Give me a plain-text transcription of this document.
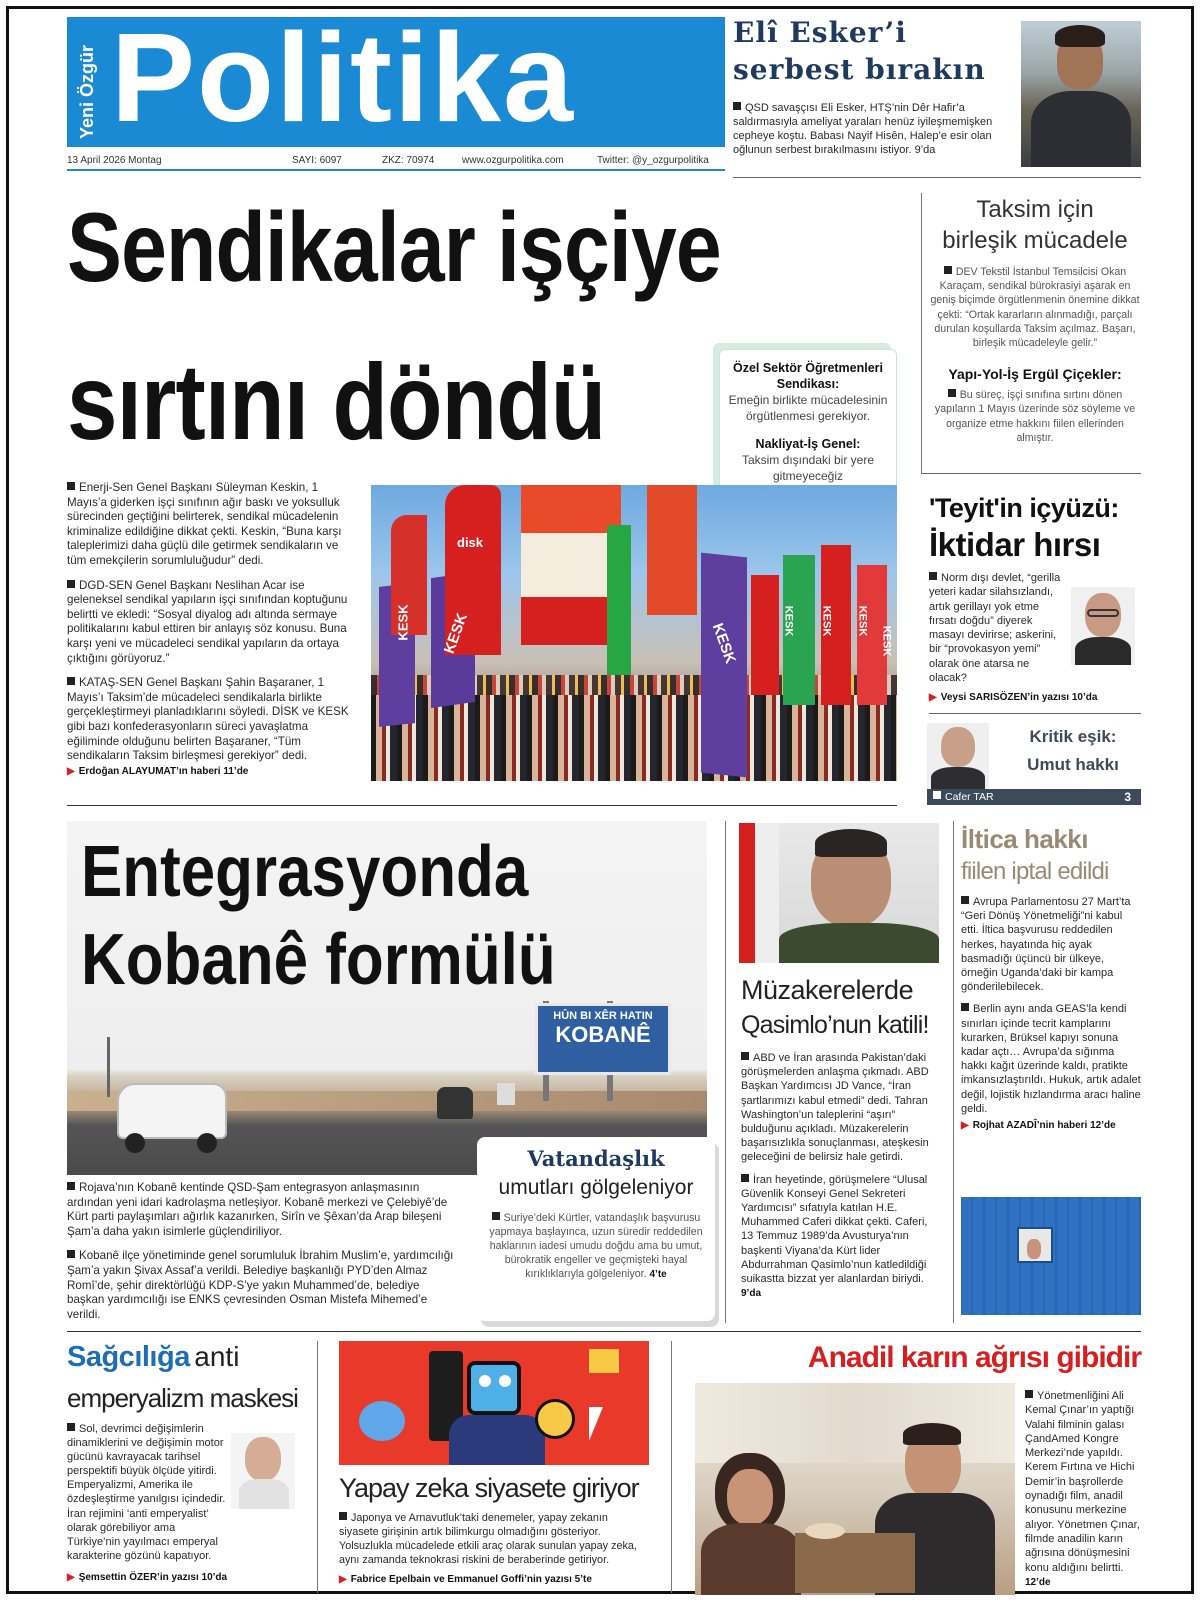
Yeni Özgür Politika
13 April 2026 Montag	SAYI: 6097	ZKZ: 70974	www.ozgurpolitika.com	Twitter: @y_ozgurpolitika
Elî Esker’i
serbest bırakın
QSD savaşçısı Eli Esker, HTŞ’nin Dêr Hafir’a saldırmasıyla ameliyat yaraları henüz iyileşmemişken cepheye koştu. Babası Nayif Hisên, Halep’e esir olan oğlunun serbest bırakılmasını istiyor. 9’da
Sendikalar işçiye
sırtını döndü
Taksim için
birleşik mücadele
DEV Tekstil İstanbul Temsilcisi Okan Karaçam, sendikal bürokrasiyi aşarak en geniş biçimde örgütlenmenin önemine dikkat çekti: “Ortak kararların alınmadığı, parçalı durulan koşullarda Taksim açılmaz. Başarı, birleşik mücadeleyle gelir.”
Yapı-Yol-İş Ergül Çiçekler:
Bu süreç, işçi sınıfına sırtını dönen yapıların 1 Mayıs üzerinde söz söyleme ve organize etme hakkını fiilen ellerinden almıştır.
Özel Sektör Öğretmenleri Sendikası:
Emeğin birlikte mücadelesinin örgütlenmesi gerekiyor.
Nakliyat-İş Genel:
Taksim dışındaki bir yere gitmeyeceğiz

Enerji-Sen Genel Başkanı Süleyman Keskin, 1 Mayıs’a giderken işçi sınıfının ağır baskı ve yoksulluk sürecinden geçtiğini belirterek, sendikal mücadelenin kriminalize edildiğine dikkat çekti. Keskin, “Buna karşı taleplerimizi daha güçlü dile getirmek sendikaların ve tüm emekçilerin sorumluluğudur” dedi.

DGD-SEN Genel Başkanı Neslihan Acar ise geleneksel sendikal yapıların işçi sınıfından koptuğunu belirtti ve ekledi: “Sosyal diyalog adı altında sermaye politikalarını kabul ettiren bir anlayış söz konusu. Buna karşı yeni ve mücadeleci sendikal yapıların da ortaya çıktığını görüyoruz.”

KATAŞ-SEN Genel Başkanı Şahin Başaraner, 1 Mayıs’ı Taksim’de mücadeleci sendikalarla birlikte gerçekleştirmeyi planladıklarını söyledi. DİSK ve KESK gibi bazı konfederasyonların süreci yavaşlatma eğiliminde olduğunu belirten Başaraner, “Tüm sendikaların Taksim birleşmesi gerekiyor” dedi. ▶ Erdoğan ALAYUMAT’ın haberi 11’de

KESK KESK
disk
KESK
KESK KESK KESK
KESK
'Teyit'in içyüzü:
İktidar hırsı
Norm dışı devlet, “gerilla yeteri kadar silahsızlandı, artık gerillayı yok etme fırsatı doğdu” diyerek masayı devirirse; askerini, bir “provokasyon yemi” olarak öne atarsa ne olacak?
▶ Veysi SARISÖZEN’in yazısı 10’da
Kritik eşik:
Umut hakkı
Cafer TAR	3
HÛN BI XÊR HATIN
KOBANÊ
Entegrasyonda
Kobanê formülü

Rojava’nın Kobanê kentinde QSD-Şam entegrasyon anlaşmasının ardından yeni idari kadrolaşma netleşiyor. Kobanê merkezi ve Çelebiyê’de Kürt parti paylaşımları ağırlık kazanırken, Sirîn ve Şêxan’da Arap bileşeni Şam’a daha yakın isimlerle güçlendiriliyor.

Kobanê ilçe yönetiminde genel sorumluluk İbrahim Muslim’e, yardımcılığı Şam’a yakın Şivax Assaf’a verildi. Belediye başkanlığı PYD’den Almaz Romî’de, şehir direktörlüğü KDP-S’ye yakın Muhammed’de, belediye başkan yardımcılığı ise ENKS çevresinden Osman Mistefa Mihemed’e verildi.

Vatandaşlık
umutları gölgeleniyor
Suriye’deki Kürtler, vatandaşlık başvurusu yapmaya başlayınca, uzun süredir reddedilen haklarının iadesi umudu doğdu ama bu umut, bürokratik engeller ve geçmişteki hayal kırıklıklarıyla gölgeleniyor. 4’te
Müzakerelerde
Qasimlo’nun katili!

ABD ve İran arasında Pakistan’daki görüşmelerden anlaşma çıkmadı. ABD Başkan Yardımcısı JD Vance, “İran şartlarımızı kabul etmedi” dedi. Tahran Washington’un taleplerini “aşırı” bulduğunu açıkladı. Müzakerelerin başarısızlıkla sonuçlanması, ateşkesin geleceğini de belirsiz hale getirdi.

İran heyetinde, görüşmelere “Ulusal Güvenlik Konseyi Genel Sekreteri Yardımcısı” sıfatıyla katılan H.E. Muhammed Caferi dikkat çekti. Caferi, 13 Temmuz 1989’da Avusturya’nın başkenti Viyana’da Kürt lider Abdurrahman Qasimlo’nun katledildiği suikastta bizzat yer alanlardan biriydi. 9’da

İltica hakkı
fiilen iptal edildi

Avrupa Parlamentosu 27 Mart’ta “Geri Dönüş Yönetmeliği”ni kabul etti. İltica başvurusu reddedilen herkes, hayatında hiç ayak basmadığı üçüncü bir ülkeye, örneğin Uganda’daki bir kampa gönderilebilecek.

Berlin aynı anda GEAS’la kendi sınırları içinde tecrit kamplarını kurarken, Brüksel kapıyı sonuna kadar açtı… Avrupa’da sığınma hakkı kağıt üzerinde kaldı, pratikte imkansızlaştırıldı. Hukuk, artık adalet değil, lojistik hızlandırma aracı haline geldi.

▶ Rojhat AZADÎ’nin haberi 12’de

Sağcılığa anti
emperyalizm maskesi
Sol, devrimci değişimlerin dinamiklerini ve değişimin motor gücünü kavrayacak tarihsel perspektifi büyük ölçüde yitirdi. Emperyalizmi, Amerika ile özdeşleştirme yanılgısı içindedir. İran rejimini ‘anti emperyalist’ olarak görebiliyor ama Türkiye’nin yayılmacı emperyal karakterine gözünü kapatıyor.
▶ Şemsettin ÖZER’in yazısı 10’da
Yapay zeka siyasete giriyor
Japonya ve Arnavutluk’taki denemeler, yapay zekanın siyasete girişinin artık bilimkurgu olmadığını gösteriyor. Yolsuzlukla mücadelede etkili araç olarak sunulan yapay zeka, aynı zamanda teknokrasi riskini de beraberinde getiriyor.
▶ Fabrice Epelbain ve Emmanuel Goffi’nin yazısı 5’te
Anadil karın ağrısı gibidir
Yönetmenliğini Ali Kemal Çınar’ın yaptığı Valahi filminin galası ÇandAmed Kongre Merkezi’nde yapıldı. Kerem Fırtına ve Hichi Demir’in başrollerde oynadığı film, anadil konusunu merkezine alıyor. Yönetmen Çınar, filmde anadilin karın ağrısına dönüşmesini konu aldığını belirtti. 12’de
